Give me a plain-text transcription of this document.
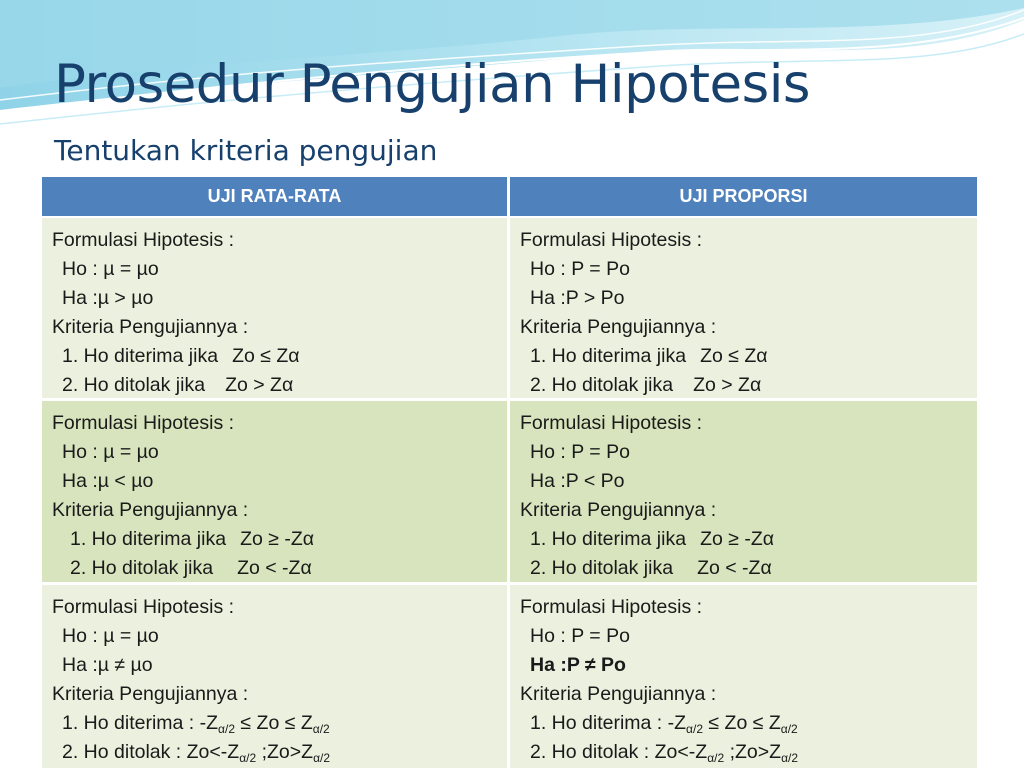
Prosedur Pengujian Hipotesis
Tentukan kriteria pengujian
UJI RATA-RATA	UJI PROPORSI
Formulasi Hipotesis :
Ho : µ = µo
Ha :µ > µo
Kriteria Pengujiannya :
1. Ho diterima jika Zo ≤ Zα
2. Ho ditolak jika Zo > Zα
Formulasi Hipotesis :
Ho : P = Po
Ha :P > Po
Kriteria Pengujiannya :
1. Ho diterima jika Zo ≤ Zα
2. Ho ditolak jika Zo > Zα
Formulasi Hipotesis :
Ho : µ = µo
Ha :µ < µo
Kriteria Pengujiannya :
1. Ho diterima jika Zo ≥ -Zα
2. Ho ditolak jika Zo < -Zα
Formulasi Hipotesis :
Ho : P = Po
Ha :P < Po
Kriteria Pengujiannya :
1. Ho diterima jika Zo ≥ -Zα
2. Ho ditolak jika Zo < -Zα
Formulasi Hipotesis :
Ho : µ = µo
Ha :µ ≠ µo
Kriteria Pengujiannya :
1. Ho diterima : $-Z_{\alpha/2} \le Zo \le Z_{\alpha/2}$
2. Ho ditolak : $Zo<-Z_{\alpha/2}$ $;Zo>Z_{\alpha/2}$
Formulasi Hipotesis :
Ho : P = Po
Ha :P ≠ Po
Kriteria Pengujiannya :
1. Ho diterima : $-Z_{\alpha/2} \le Zo \le Z_{\alpha/2}$
2. Ho ditolak : $Zo<-Z_{\alpha/2}$ $;Zo>Z_{\alpha/2}$
